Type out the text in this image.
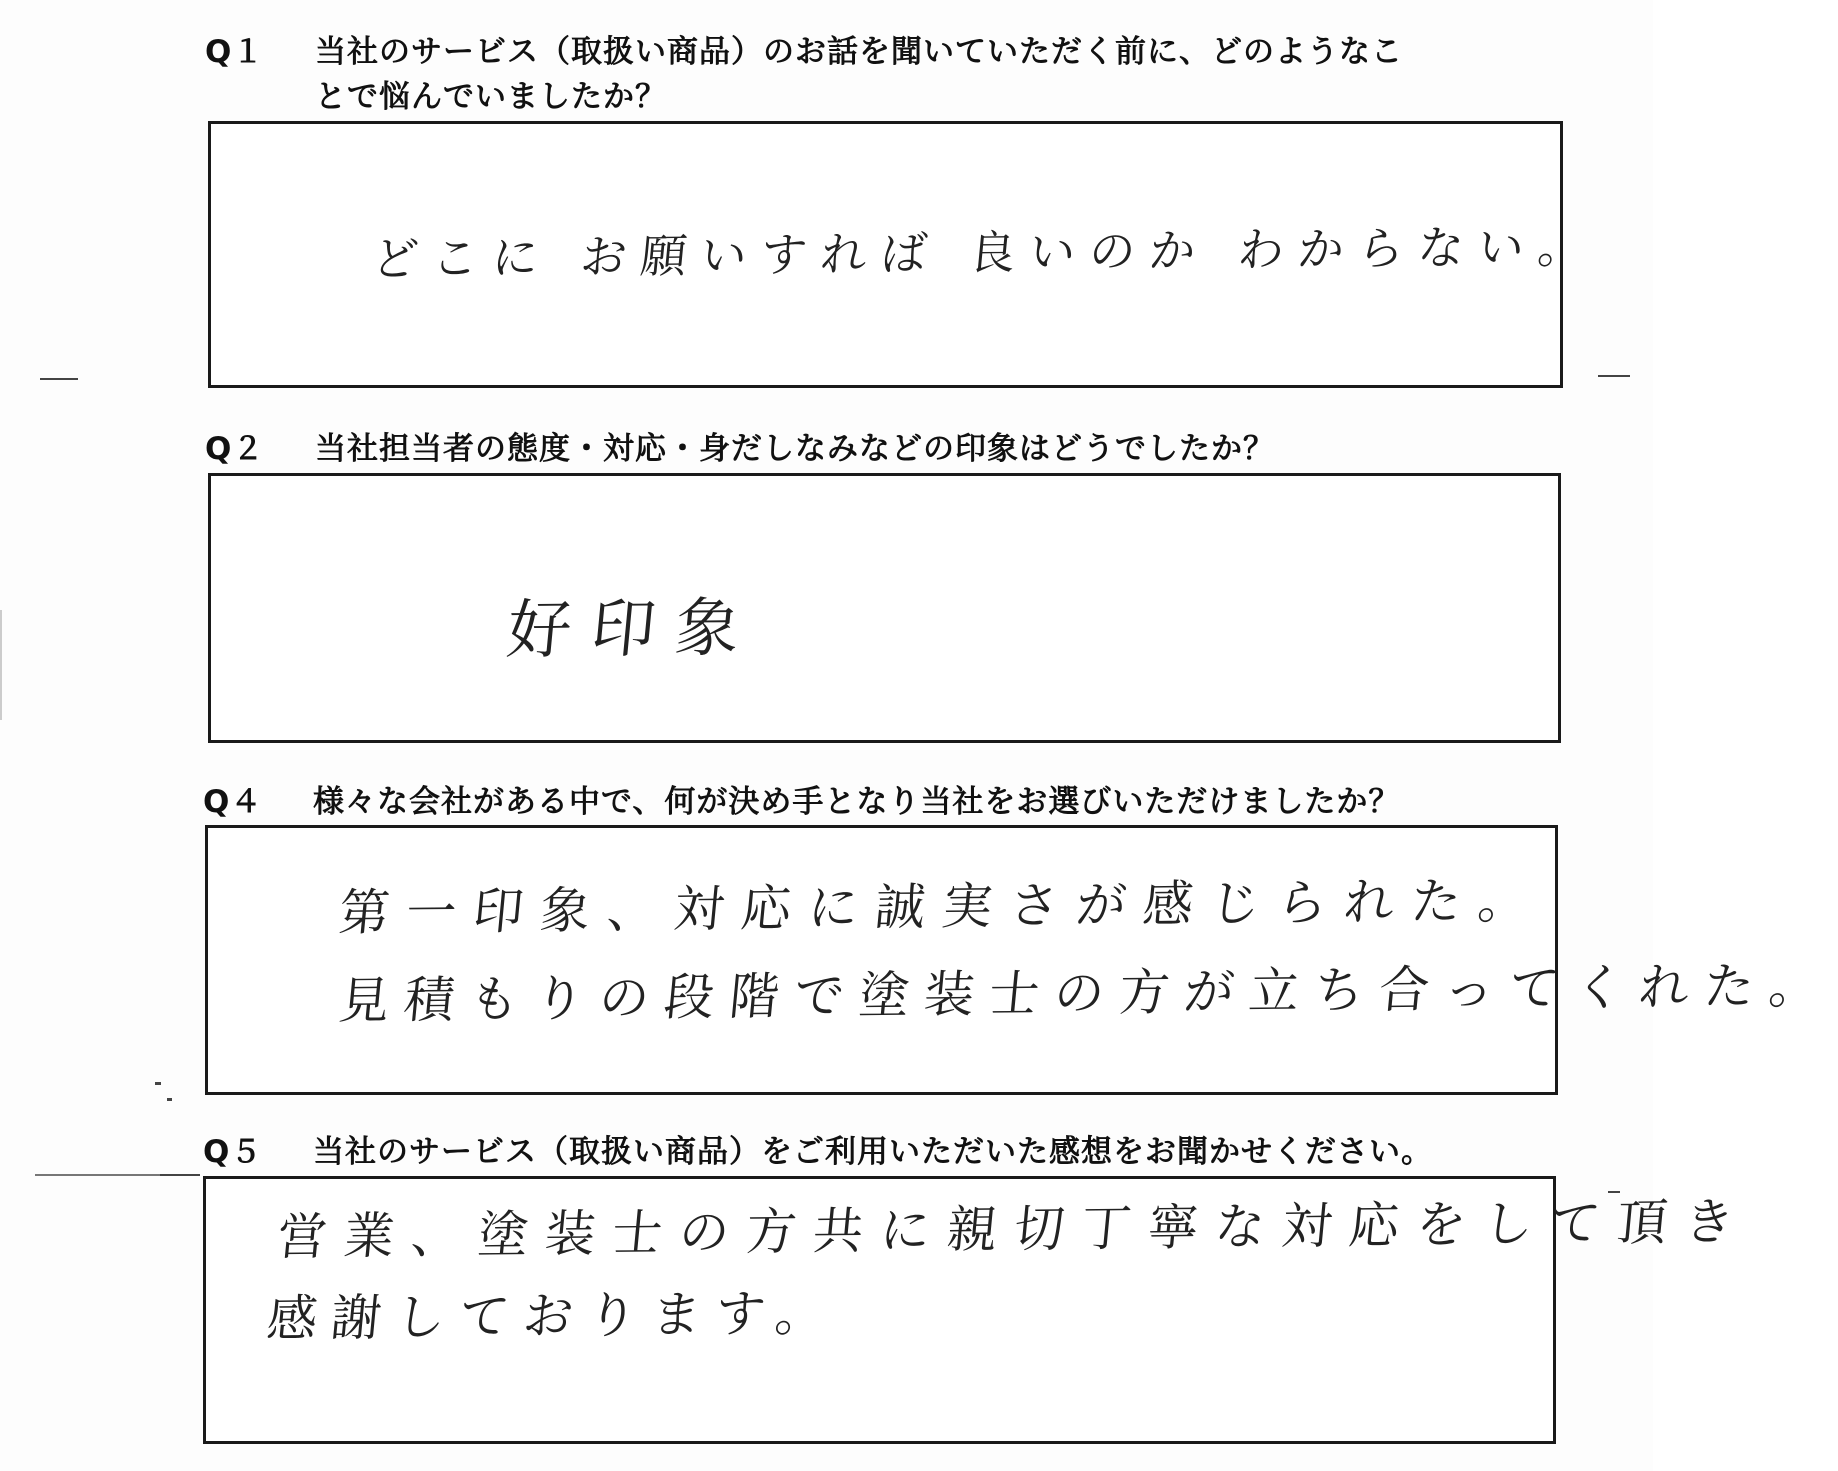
Q１	当社のサービス（取扱い商品）のお話を聞いていただく前に、どのようなこ
とで悩んでいましたか？
どこに お願いすれば 良いのか わからない。
Q２	当社担当者の態度・対応・身だしなみなどの印象はどうでしたか？
好印象
Q４	様々な会社がある中で、何が決め手となり当社をお選びいただけましたか？
第一印象、対応に誠実さが感じられた。
見積もりの段階で塗装士の方が立ち合ってくれた。
Q５	当社のサービス（取扱い商品）をご利用いただいた感想をお聞かせください。
営業、塗装士の方共に親切丁寧な対応をして頂き
感謝しております。
